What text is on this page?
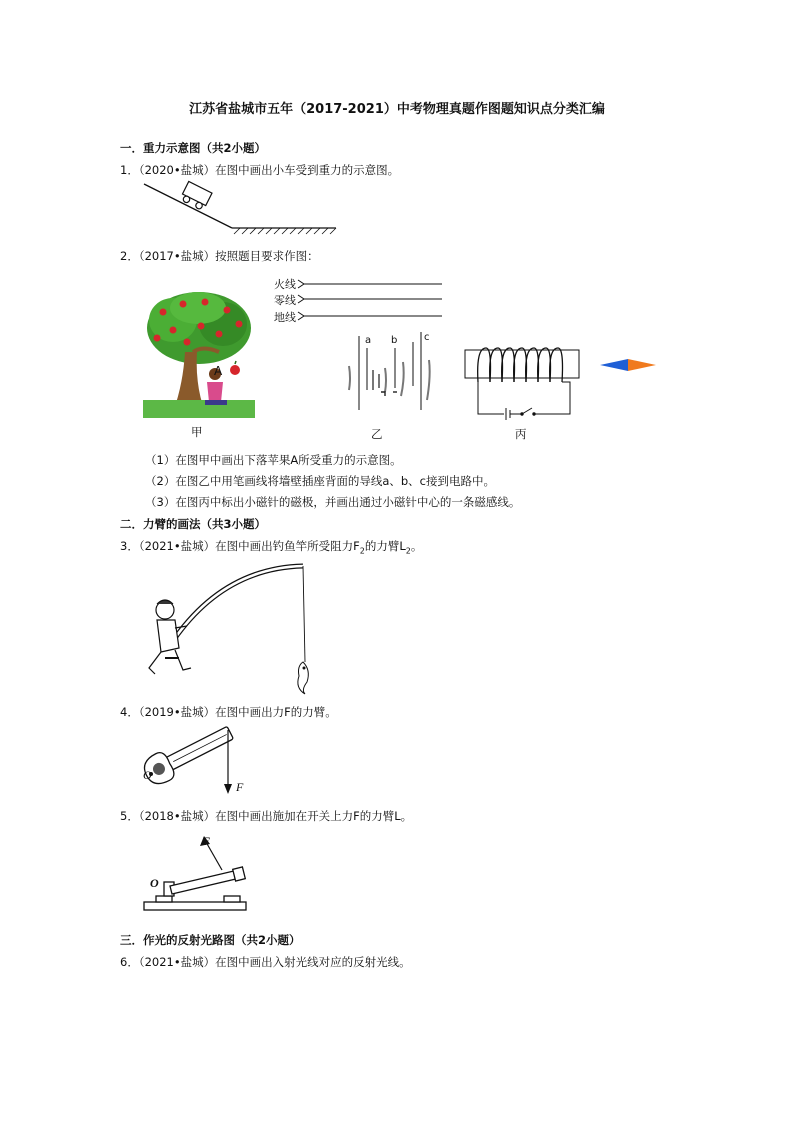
江苏省盐城市五年（2017-2021）中考物理真题作图题知识点分类汇编
一．重力示意图（共2小题）
1．（2020•盐城）在图中画出小车受到重力的示意图。
2．（2017•盐城）按照题目要求作图：
火线
零线
地线
A
a b	c
甲	乙	丙
（1）在图甲中画出下落苹果A所受重力的示意图。
（2）在图乙中用笔画线将墙壁插座背面的导线a、b、c接到电路中。
（3）在图丙中标出小磁针的磁极，并画出通过小磁针中心的一条磁感线。
二．力臂的画法（共3小题）
3．（2021•盐城）在图中画出钓鱼竿所受阻力$F_2$的力臂$L_2$。
4．（2019•盐城）在图中画出力F的力臂。
O
F
5．（2018•盐城）在图中画出施加在开关上力F的力臂L。
F
O
三．作光的反射光路图（共2小题）
6．（2021•盐城）在图中画出入射光线对应的反射光线。
